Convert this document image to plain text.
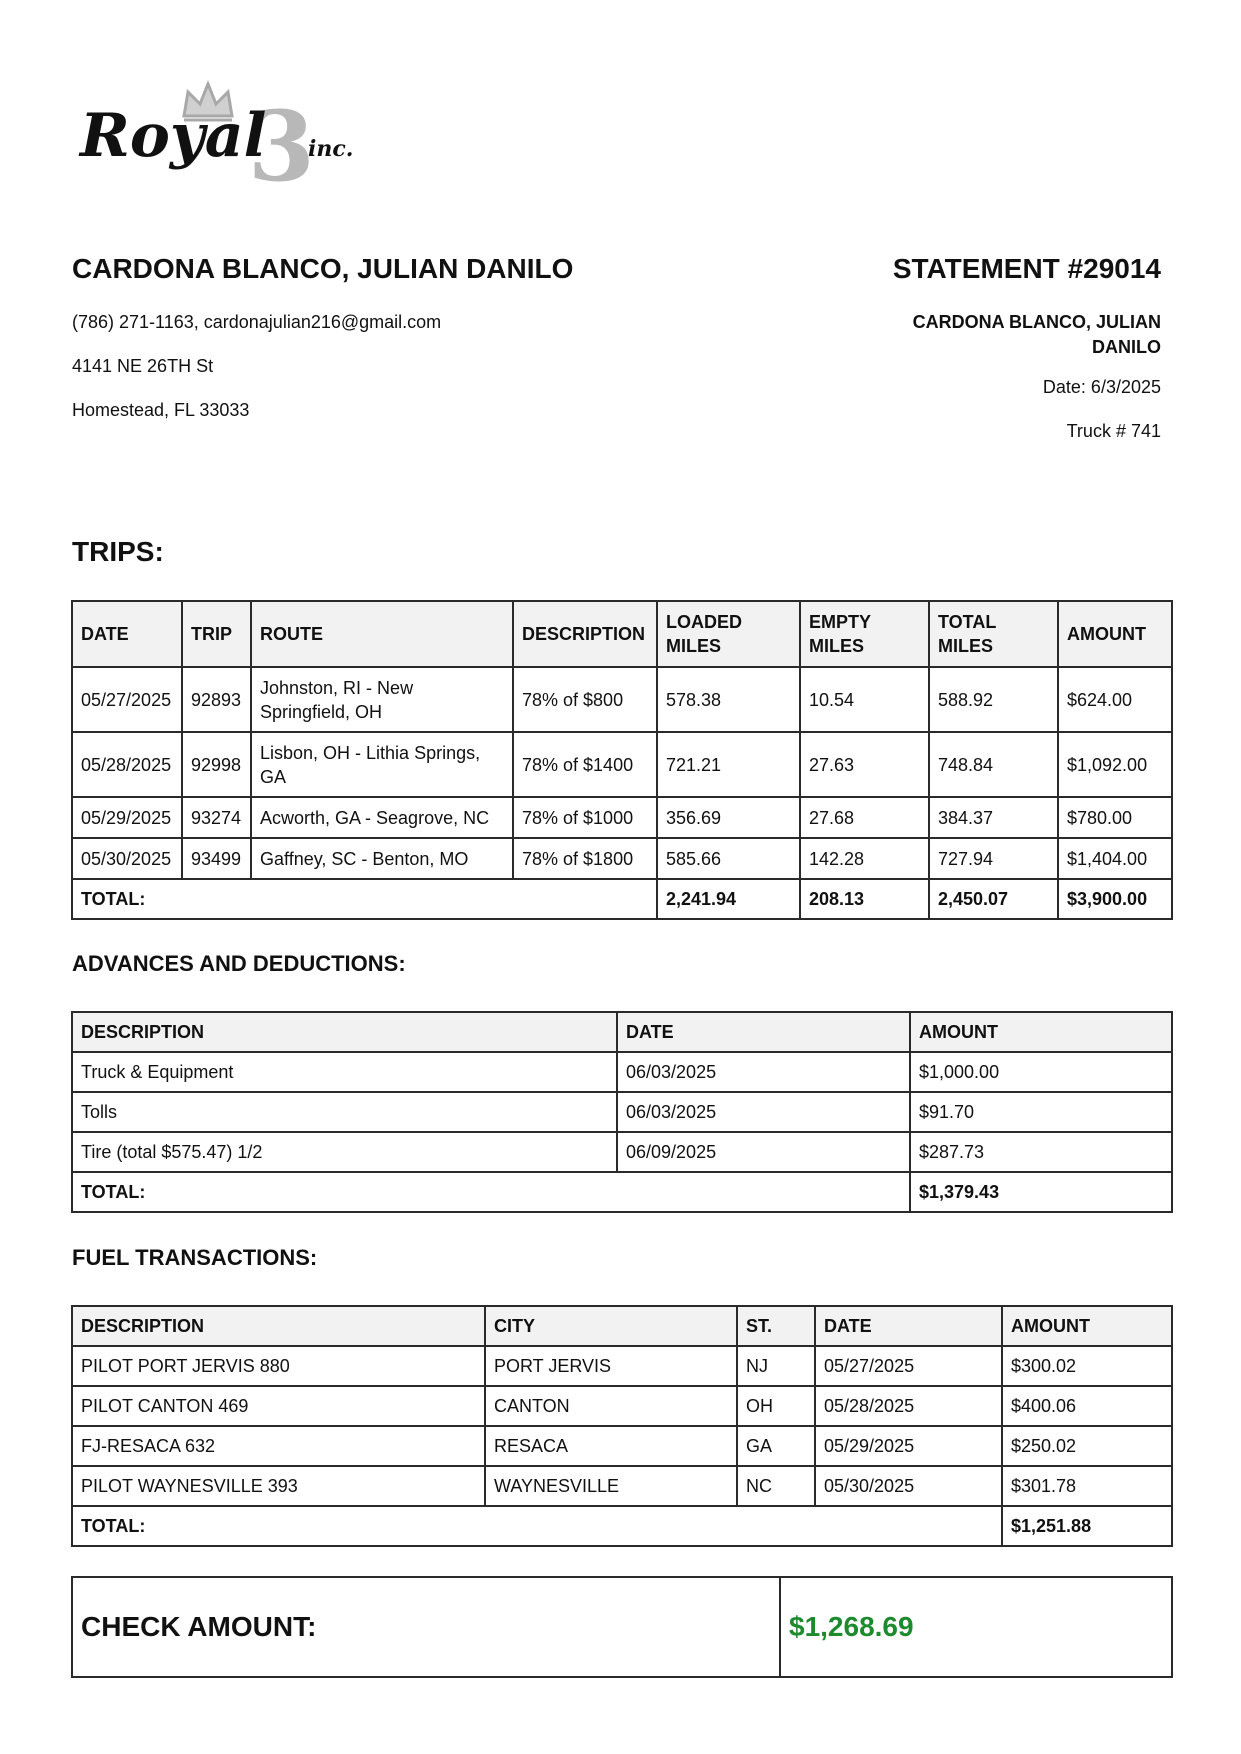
3
Royal inc.

CARDONA BLANCO, JULIAN DANILO

(786) 271-1163, cardonajulian216@gmail.com

4141 NE 26TH St

Homestead, FL 33033

STATEMENT #29014

CARDONA BLANCO, JULIAN
DANILO

Date: 6/3/2025

Truck # 741

TRIPS:
DATE	TRIP	ROUTE	DESCRIPTION	LOADED MILES	EMPTY MILES	TOTAL MILES	AMOUNT
05/27/2025	92893	Johnston, RI - New Springfield, OH	78% of $800	578.38	10.54	588.92	$624.00
05/28/2025	92998	Lisbon, OH - Lithia Springs, GA	78% of $1400	721.21	27.63	748.84	$1,092.00
05/29/2025	93274	Acworth, GA - Seagrove, NC	78% of $1000	356.69	27.68	384.37	$780.00
05/30/2025	93499	Gaffney, SC - Benton, MO	78% of $1800	585.66	142.28	727.94	$1,404.00
TOTAL:				2,241.94	208.13	2,450.07	$3,900.00
ADVANCES AND DEDUCTIONS:
DESCRIPTION	DATE	AMOUNT
Truck & Equipment	06/03/2025	$1,000.00
Tolls	06/03/2025	$91.70
Tire (total $575.47) 1/2	06/09/2025	$287.73
TOTAL:		$1,379.43
FUEL TRANSACTIONS:
DESCRIPTION	CITY	ST.	DATE	AMOUNT
PILOT PORT JERVIS 880	PORT JERVIS	NJ	05/27/2025	$300.02
PILOT CANTON 469	CANTON	OH	05/28/2025	$400.06
FJ-RESACA 632	RESACA	GA	05/29/2025	$250.02
PILOT WAYNESVILLE 393	WAYNESVILLE	NC	05/30/2025	$301.78
TOTAL:				$1,251.88
CHECK AMOUNT:	$1,268.69
